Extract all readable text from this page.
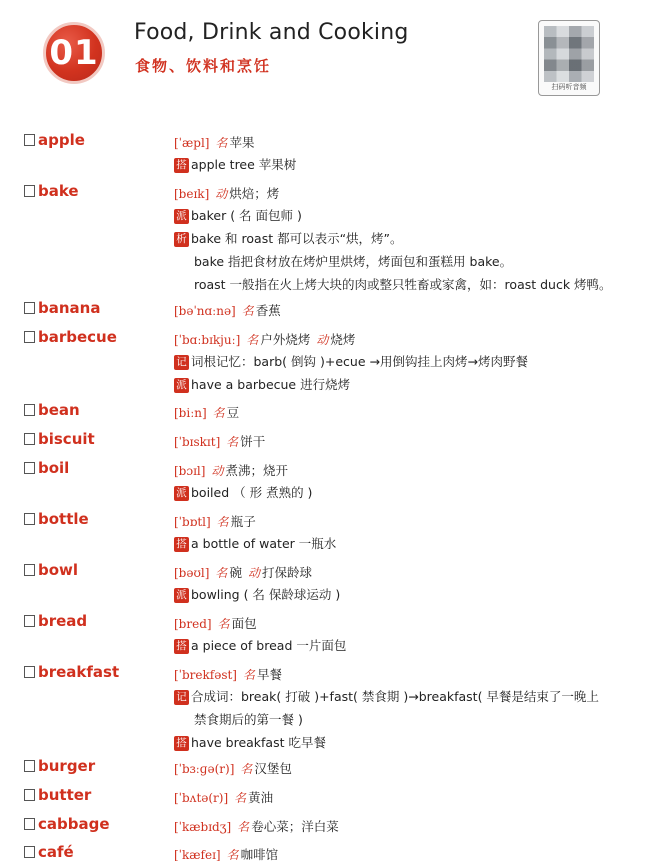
01
Food, Drink and Cooking
食物、饮料和烹饪
扫码听音频
apple	[ˈæpl] 名 苹果
搭 apple tree 苹果树
bake	[beɪk] 动 烘焙；烤
派 baker ( 名 面包师 )
析 bake 和 roast 都可以表示“烘，烤”。
bake 指把食材放在烤炉里烘烤，烤面包和蛋糕用 bake。
roast 一般指在火上烤大块的肉或整只牲畜或家禽，如：roast duck 烤鸭。
banana	[bəˈnɑːnə] 名 香蕉
barbecue	[ˈbɑːbɪkjuː] 名 户外烧烤 动 烧烤
记 词根记忆：barb( 倒钩 )+ecue →用倒钩挂上肉烤→烤肉野餐
派 have a barbecue 进行烧烤
bean	[biːn] 名 豆
biscuit	[ˈbɪskɪt] 名 饼干
boil	[bɔɪl] 动 煮沸；烧开
派 boiled （ 形 煮熟的 )
bottle	[ˈbɒtl] 名 瓶子
搭 a bottle of water 一瓶水
bowl	[bəʊl] 名 碗 动 打保龄球
派 bowling ( 名 保龄球运动 )
bread	[bred] 名 面包
搭 a piece of bread 一片面包
breakfast	[ˈbrekfəst] 名 早餐
记 合成词：break( 打破 )+fast( 禁食期 )→breakfast( 早餐是结束了一晚上
禁食期后的第一餐 )
搭 have breakfast 吃早餐
burger	[ˈbɜːɡə(r)] 名 汉堡包
butter	[ˈbʌtə(r)] 名 黄油
cabbage	[ˈkæbɪdʒ] 名 卷心菜；洋白菜
café	[ˈkæfeɪ] 名 咖啡馆
